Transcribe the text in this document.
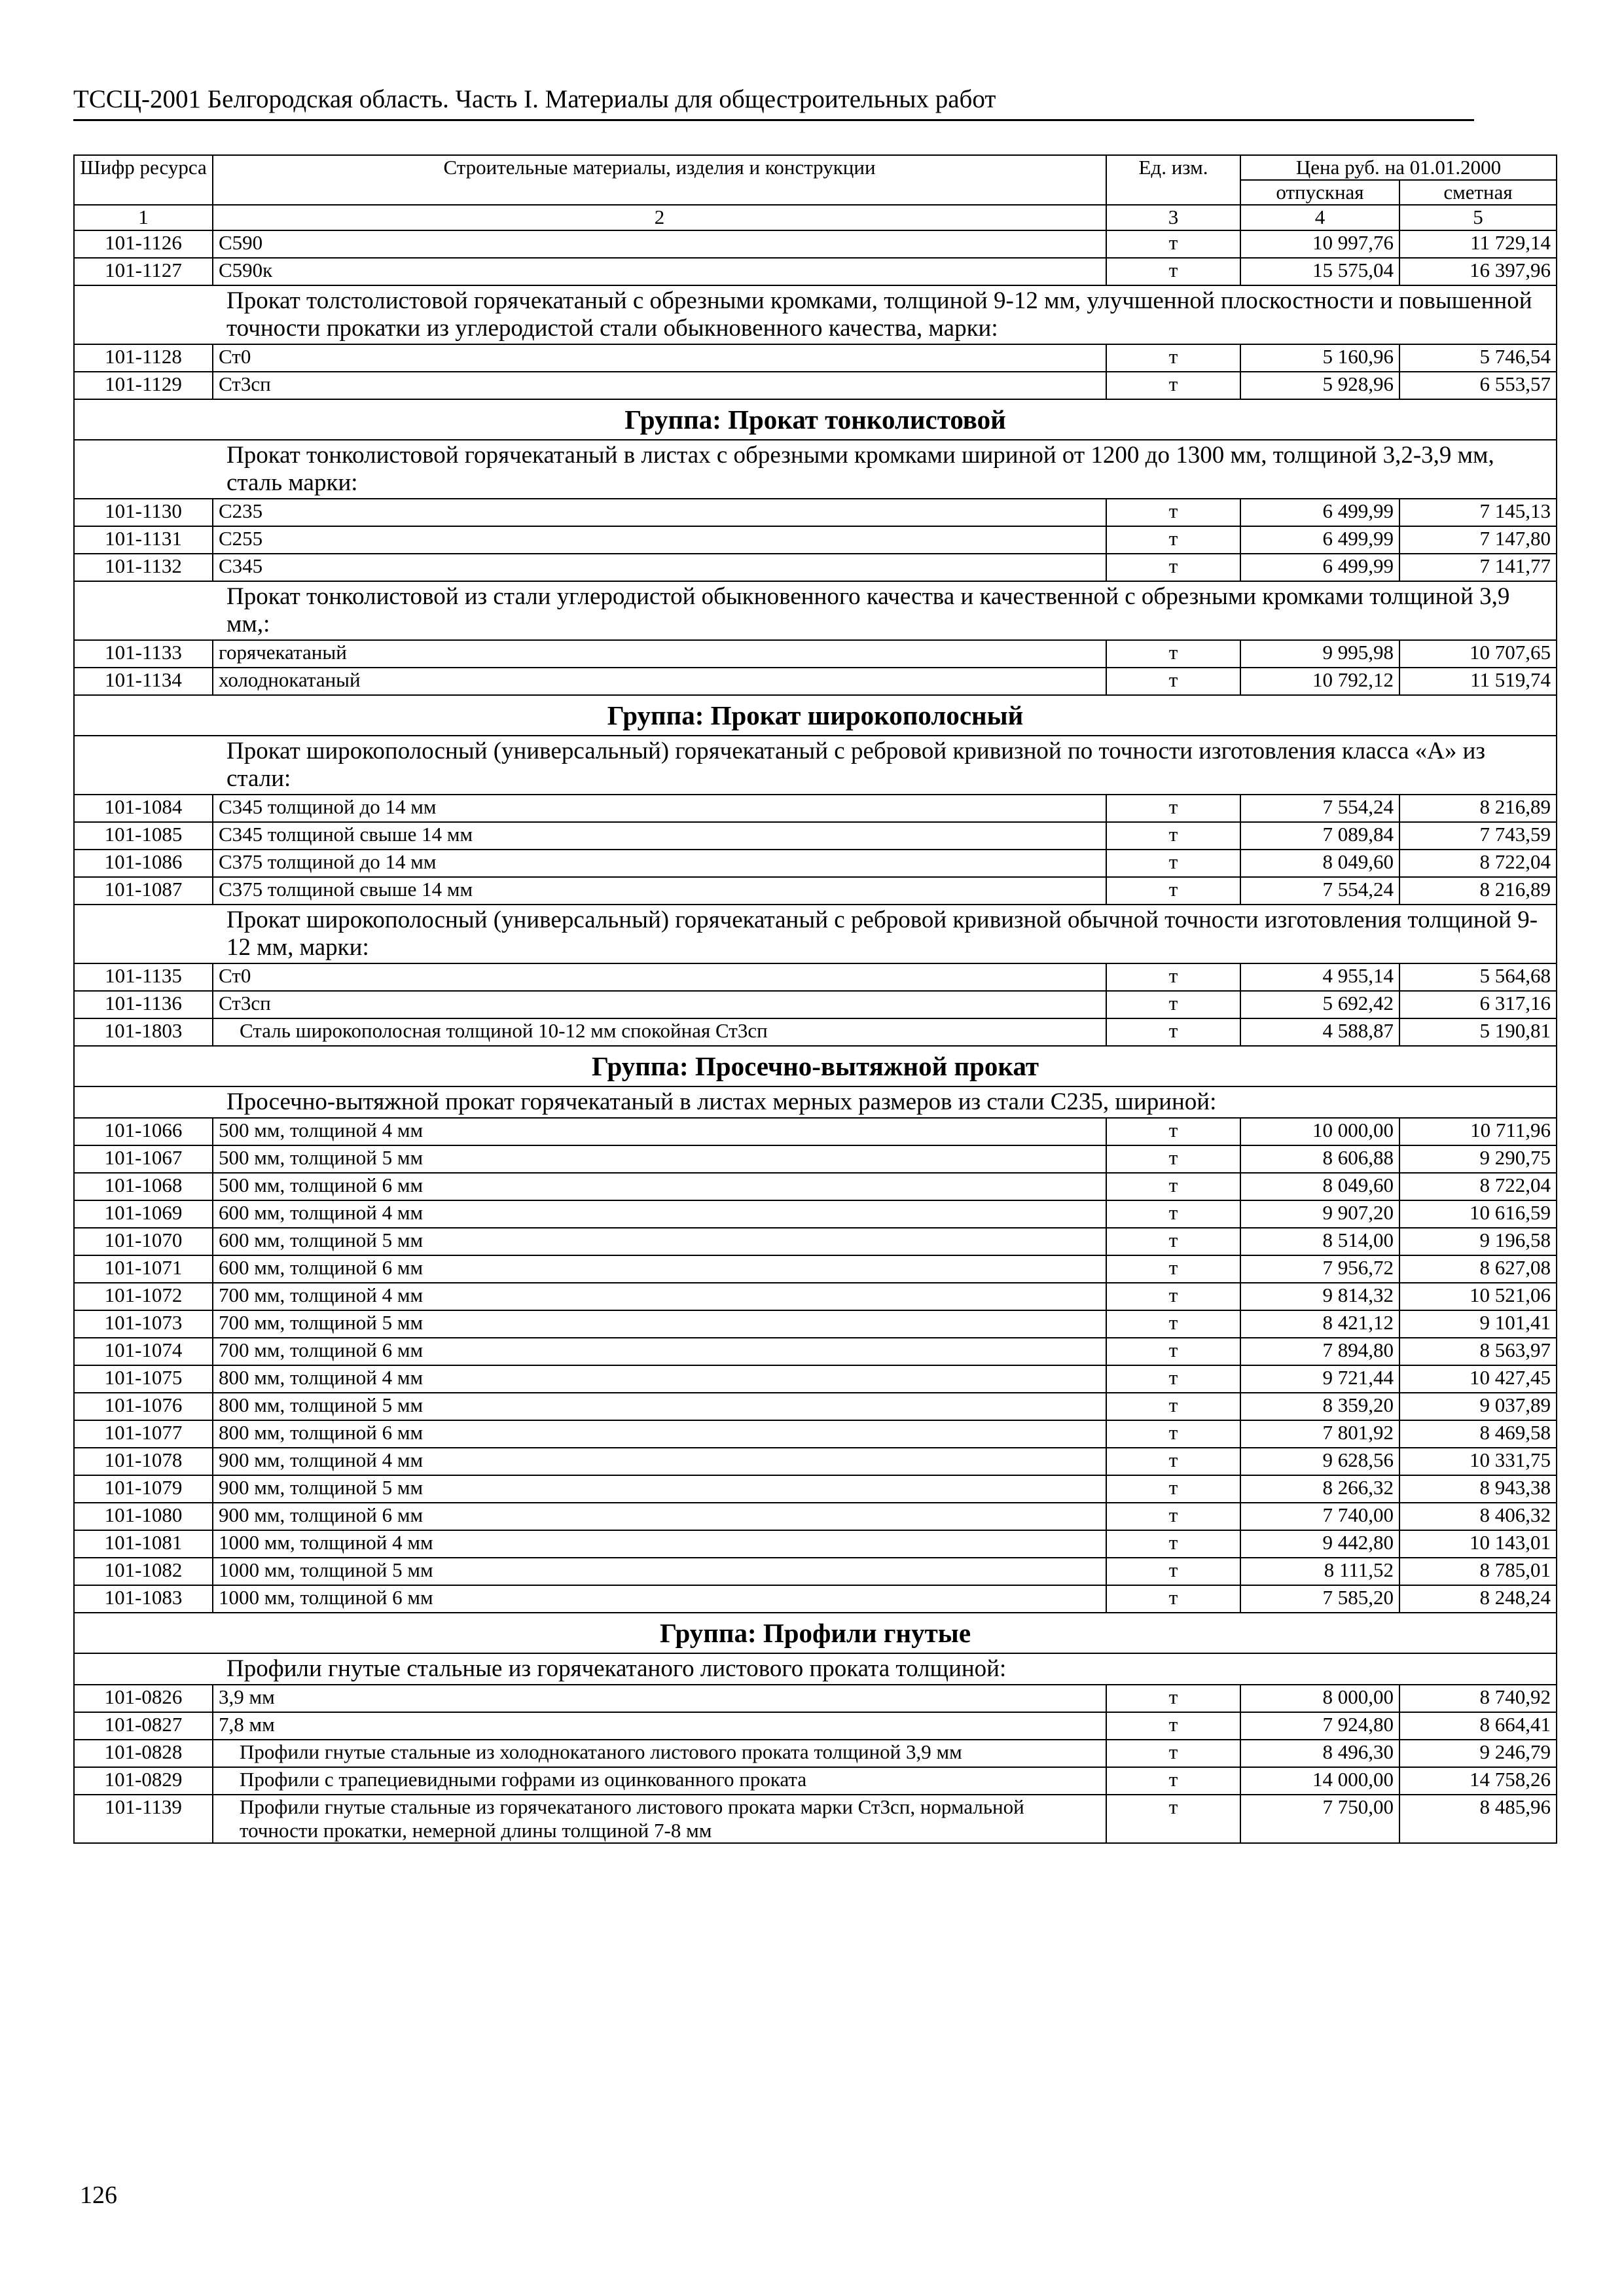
ТССЦ-2001 Белгородская область. Часть I. Материалы для общестроительных работ
Шифр ресурса	Строительные материалы, изделия и конструкции	Ед. изм.	Цена руб. на 01.01.2000	
			отпускная	сметная
1	2	3	4	5
101-1126	С590	т	10 997,76	11 729,14
101-1127	С590к	т	15 575,04	16 397,96
Прокат толстолистовой горячекатаный с обрезными кромками, толщиной 9-12 мм, улучшенной плоскостности и повышенной точности прокатки из углеродистой стали обыкновенного качества, марки:				
101-1128	Ст0	т	5 160,96	5 746,54
101-1129	Ст3сп	т	5 928,96	6 553,57
Группа: Прокат тонколистовой				
Прокат тонколистовой горячекатаный в листах с обрезными кромками шириной от 1200 до 1300 мм, толщиной 3,2-3,9 мм, сталь марки:				
101-1130	С235	т	6 499,99	7 145,13
101-1131	С255	т	6 499,99	7 147,80
101-1132	С345	т	6 499,99	7 141,77
Прокат тонколистовой из стали углеродистой обыкновенного качества и качественной с обрезными кромками толщиной 3,9 мм,:				
101-1133	горячекатаный	т	9 995,98	10 707,65
101-1134	холоднокатаный	т	10 792,12	11 519,74
Группа: Прокат широкополосный				
Прокат широкополосный (универсальный) горячекатаный с ребровой кривизной по точности изготовления класса «А» из стали:				
101-1084	С345 толщиной до 14 мм	т	7 554,24	8 216,89
101-1085	С345 толщиной свыше 14 мм	т	7 089,84	7 743,59
101-1086	С375 толщиной до 14 мм	т	8 049,60	8 722,04
101-1087	С375 толщиной свыше 14 мм	т	7 554,24	8 216,89
Прокат широкополосный (универсальный) горячекатаный с ребровой кривизной обычной точности изготовления толщиной 9-12 мм, марки:				
101-1135	Ст0	т	4 955,14	5 564,68
101-1136	Ст3сп	т	5 692,42	6 317,16
101-1803	Сталь широкополосная толщиной 10-12 мм спокойная Ст3сп	т	4 588,87	5 190,81
Группа: Просечно-вытяжной прокат				
Просечно-вытяжной прокат горячекатаный в листах мерных размеров из стали С235, шириной:				
101-1066	500 мм, толщиной 4 мм	т	10 000,00	10 711,96
101-1067	500 мм, толщиной 5 мм	т	8 606,88	9 290,75
101-1068	500 мм, толщиной 6 мм	т	8 049,60	8 722,04
101-1069	600 мм, толщиной 4 мм	т	9 907,20	10 616,59
101-1070	600 мм, толщиной 5 мм	т	8 514,00	9 196,58
101-1071	600 мм, толщиной 6 мм	т	7 956,72	8 627,08
101-1072	700 мм, толщиной 4 мм	т	9 814,32	10 521,06
101-1073	700 мм, толщиной 5 мм	т	8 421,12	9 101,41
101-1074	700 мм, толщиной 6 мм	т	7 894,80	8 563,97
101-1075	800 мм, толщиной 4 мм	т	9 721,44	10 427,45
101-1076	800 мм, толщиной 5 мм	т	8 359,20	9 037,89
101-1077	800 мм, толщиной 6 мм	т	7 801,92	8 469,58
101-1078	900 мм, толщиной 4 мм	т	9 628,56	10 331,75
101-1079	900 мм, толщиной 5 мм	т	8 266,32	8 943,38
101-1080	900 мм, толщиной 6 мм	т	7 740,00	8 406,32
101-1081	1000 мм, толщиной 4 мм	т	9 442,80	10 143,01
101-1082	1000 мм, толщиной 5 мм	т	8 111,52	8 785,01
101-1083	1000 мм, толщиной 6 мм	т	7 585,20	8 248,24
Группа: Профили гнутые				
Профили гнутые стальные из горячекатаного листового проката толщиной:				
101-0826	3,9 мм	т	8 000,00	8 740,92
101-0827	7,8 мм	т	7 924,80	8 664,41
101-0828	Профили гнутые стальные из холоднокатаного листового проката толщиной 3,9 мм	т	8 496,30	9 246,79
101-0829	Профили с трапециевидными гофрами из оцинкованного проката	т	14 000,00	14 758,26
101-1139	Профили гнутые стальные из горячекатаного листового проката марки Ст3сп, нормальной точности прокатки, немерной длины толщиной 7-8 мм	т	7 750,00	8 485,96
126
